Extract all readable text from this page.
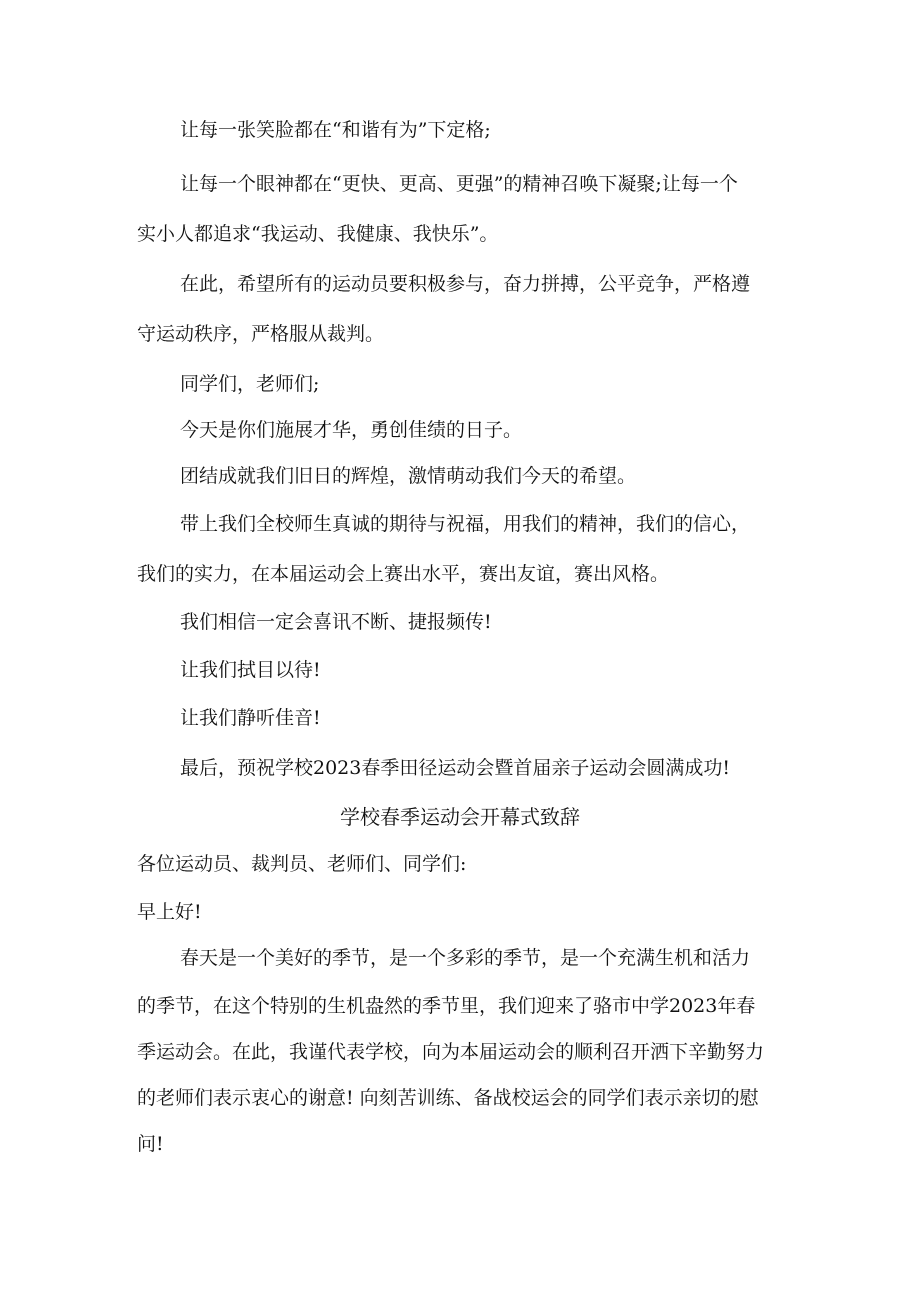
让每一张笑脸都在“和谐有为”下定格;
让每一个眼神都在“更快、更高、更强”的精神召唤下凝聚;让每一个
实小人都追求“我运动、我健康、我快乐”。
在此，希望所有的运动员要积极参与，奋力拼搏，公平竞争，严格遵
守运动秩序，严格服从裁判。
同学们，老师们;
今天是你们施展才华，勇创佳绩的日子。
团结成就我们旧日的辉煌，激情萌动我们今天的希望。
带上我们全校师生真诚的期待与祝福，用我们的精神，我们的信心，
我们的实力，在本届运动会上赛出水平，赛出友谊，赛出风格。
我们相信一定会喜讯不断、捷报频传!
让我们拭目以待!
让我们静听佳音!
最后，预祝学校2023春季田径运动会暨首届亲子运动会圆满成功!
学校春季运动会开幕式致辞
各位运动员、裁判员、老师们、同学们:
早上好!
春天是一个美好的季节，是一个多彩的季节，是一个充满生机和活力
的季节，在这个特别的生机盎然的季节里，我们迎来了骆市中学2023年春
季运动会。在此，我谨代表学校，向为本届运动会的顺利召开洒下辛勤努力
的老师们表示衷心的谢意! 向刻苦训练、备战校运会的同学们表示亲切的慰
问!
